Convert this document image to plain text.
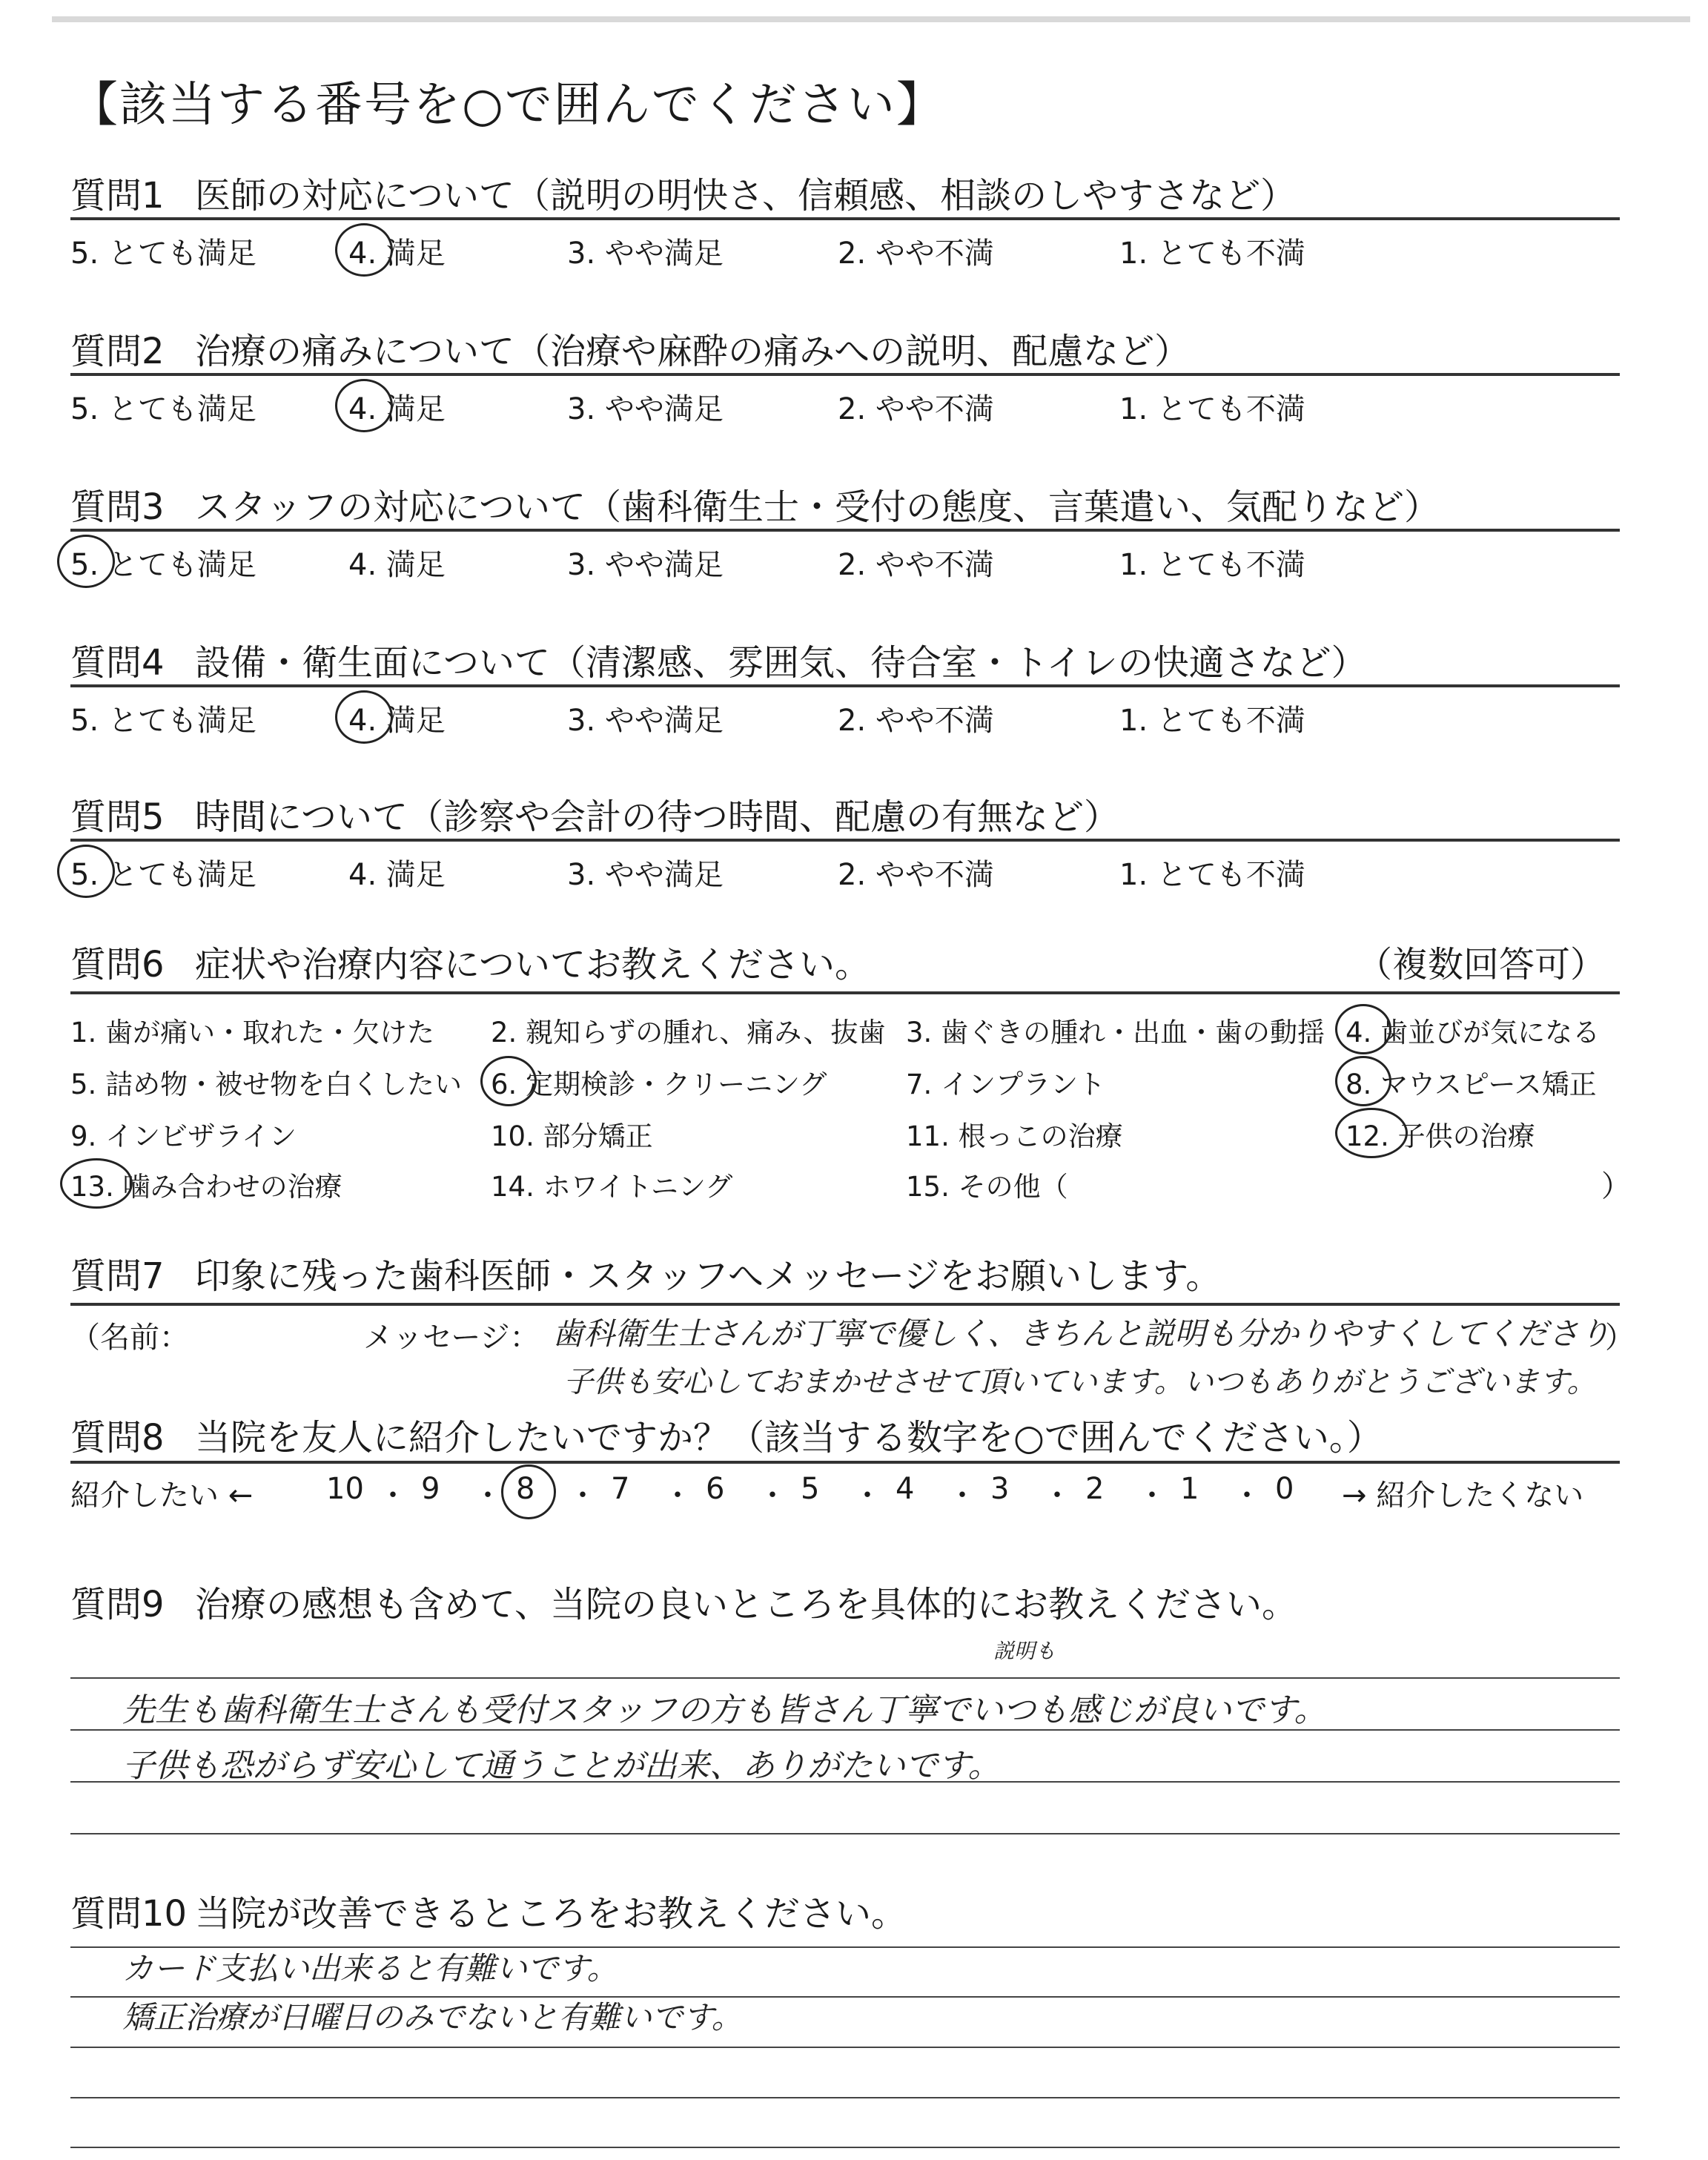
【該当する番号を○で囲んでください】
質問1 医師の対応について（説明の明快さ、信頼感、相談のしやすさなど）
5. とても満足	4. 満足	3. やや満足	2. やや不満	1. とても不満
質問2 治療の痛みについて（治療や麻酔の痛みへの説明、配慮など）
5. とても満足	4. 満足	3. やや満足	2. やや不満	1. とても不満
質問3 スタッフの対応について（歯科衛生士・受付の態度、言葉遣い、気配りなど）
5. とても満足	4. 満足	3. やや満足	2. やや不満	1. とても不満
質問4 設備・衛生面について（清潔感、雰囲気、待合室・トイレの快適さなど）
5. とても満足	4. 満足	3. やや満足	2. やや不満	1. とても不満
質問5 時間について（診察や会計の待つ時間、配慮の有無など）
5. とても満足	4. 満足	3. やや満足	2. やや不満	1. とても不満
質問6 症状や治療内容についてお教えください。	（複数回答可）
1. 歯が痛い・取れた・欠けた 2. 親知らずの腫れ、痛み、抜歯 3. 歯ぐきの腫れ・出血・歯の動揺 4. 歯並びが気になる
5. 詰め物・被せ物を白くしたい 6. 定期検診・クリーニング	7. インプラント	8. マウスピース矯正
9. インビザライン	10. 部分矯正	11. 根っこの治療	12. 子供の治療
13. 噛み合わせの治療	14. ホワイトニング	15. その他（	）
質問7 印象に残った歯科医師・スタッフへメッセージをお願いします。
（名前：	メッセージ： 歯科衛生士さんが丁寧で優しく、きちんと説明も分かりやすくしてくださり
）
子供も安心しておまかせさせて頂いています。いつもありがとうございます。
質問8 当院を友人に紹介したいですか？（該当する数字を○で囲んでください。）
紹介したい ← 10 ・ 9 ・ 8 ・ 7 ・ 6 ・ 5 ・ 4 ・ 3 ・ 2 ・ 1 ・ 0 → 紹介したくない
質問9 治療の感想も含めて、当院の良いところを具体的にお教えください。
説明も
先生も歯科衛生士さんも受付スタッフの方も皆さん丁寧でいつも感じが良いです。
子供も恐がらず安心して通うことが出来、ありがたいです。
質問10 当院が改善できるところをお教えください。
カード支払い出来ると有難いです。
矯正治療が日曜日のみでないと有難いです。
